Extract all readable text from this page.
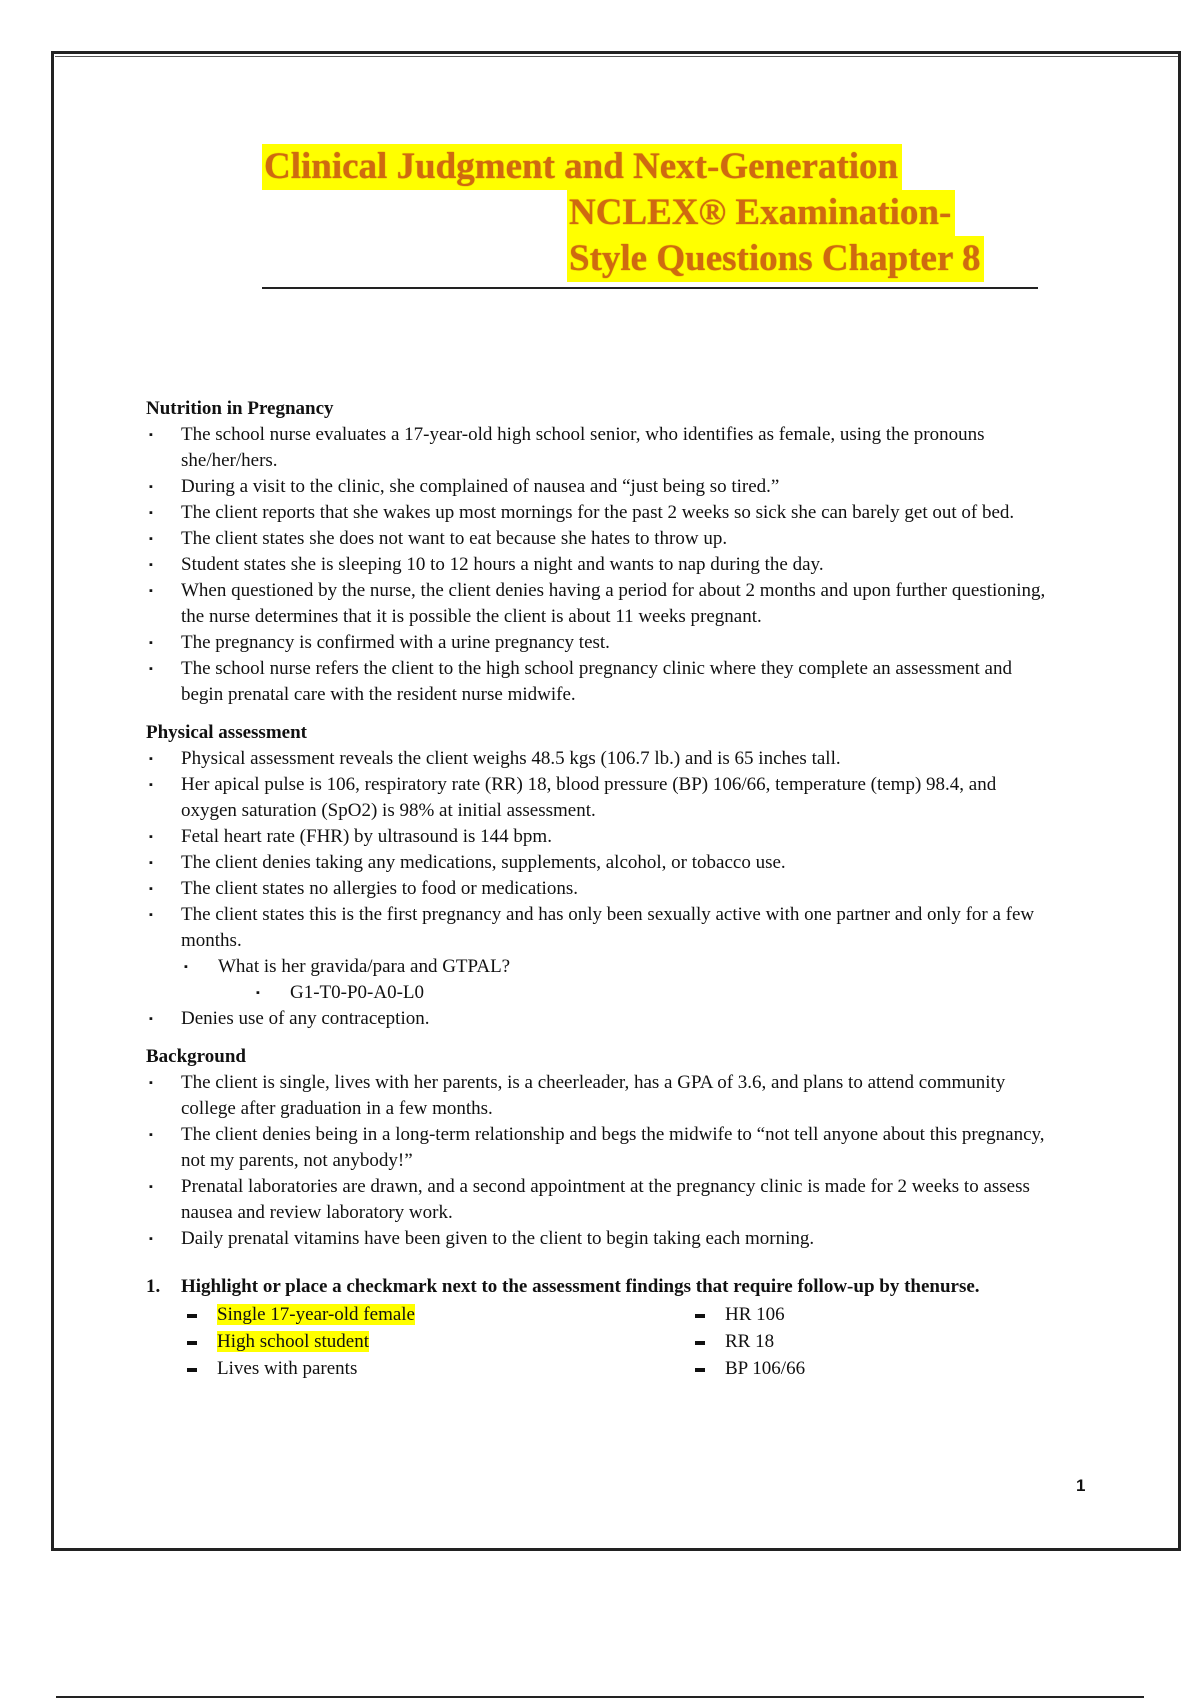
Clinical Judgment and Next-Generation
NCLEX® Examination-
Style Questions Chapter 8
Nutrition in Pregnancy
▪ The school nurse evaluates a 17-year-old high school senior, who identifies as female, using the pronouns she/her/hers.
▪ During a visit to the clinic, she complained of nausea and “just being so tired.”
▪ The client reports that she wakes up most mornings for the past 2 weeks so sick she can barely get out of bed.
▪ The client states she does not want to eat because she hates to throw up.
▪ Student states she is sleeping 10 to 12 hours a night and wants to nap during the day.
▪ When questioned by the nurse, the client denies having a period for about 2 months and upon further questioning, the nurse determines that it is possible the client is about 11 weeks pregnant.
▪ The pregnancy is confirmed with a urine pregnancy test.
▪ The school nurse refers the client to the high school pregnancy clinic where they complete an assessment and begin prenatal care with the resident nurse midwife.
Physical assessment
▪ Physical assessment reveals the client weighs 48.5 kgs (106.7 lb.) and is 65 inches tall.
▪ Her apical pulse is 106, respiratory rate (RR) 18, blood pressure (BP) 106/66, temperature (temp) 98.4, and oxygen saturation (SpO2) is 98% at initial assessment.
▪ Fetal heart rate (FHR) by ultrasound is 144 bpm.
▪ The client denies taking any medications, supplements, alcohol, or tobacco use.
▪ The client states no allergies to food or medications.
▪ The client states this is the first pregnancy and has only been sexually active with one partner and only for a few months.
▪ What is her gravida/para and GTPAL?
▪ G1-T0-P0-A0-L0
▪ Denies use of any contraception.
Background
▪ The client is single, lives with her parents, is a cheerleader, has a GPA of 3.6, and plans to attend community college after graduation in a few months.
▪ The client denies being in a long-term relationship and begs the midwife to “not tell anyone about this pregnancy, not my parents, not anybody!”
▪ Prenatal laboratories are drawn, and a second appointment at the pregnancy clinic is made for 2 weeks to assess nausea and review laboratory work.
▪ Daily prenatal vitamins have been given to the client to begin taking each morning.
1. Highlight or place a checkmark next to the assessment findings that require follow-up by thenurse.
Single 17-year-old female
High school student
Lives with parents
HR 106
RR 18
BP 106/66
1
